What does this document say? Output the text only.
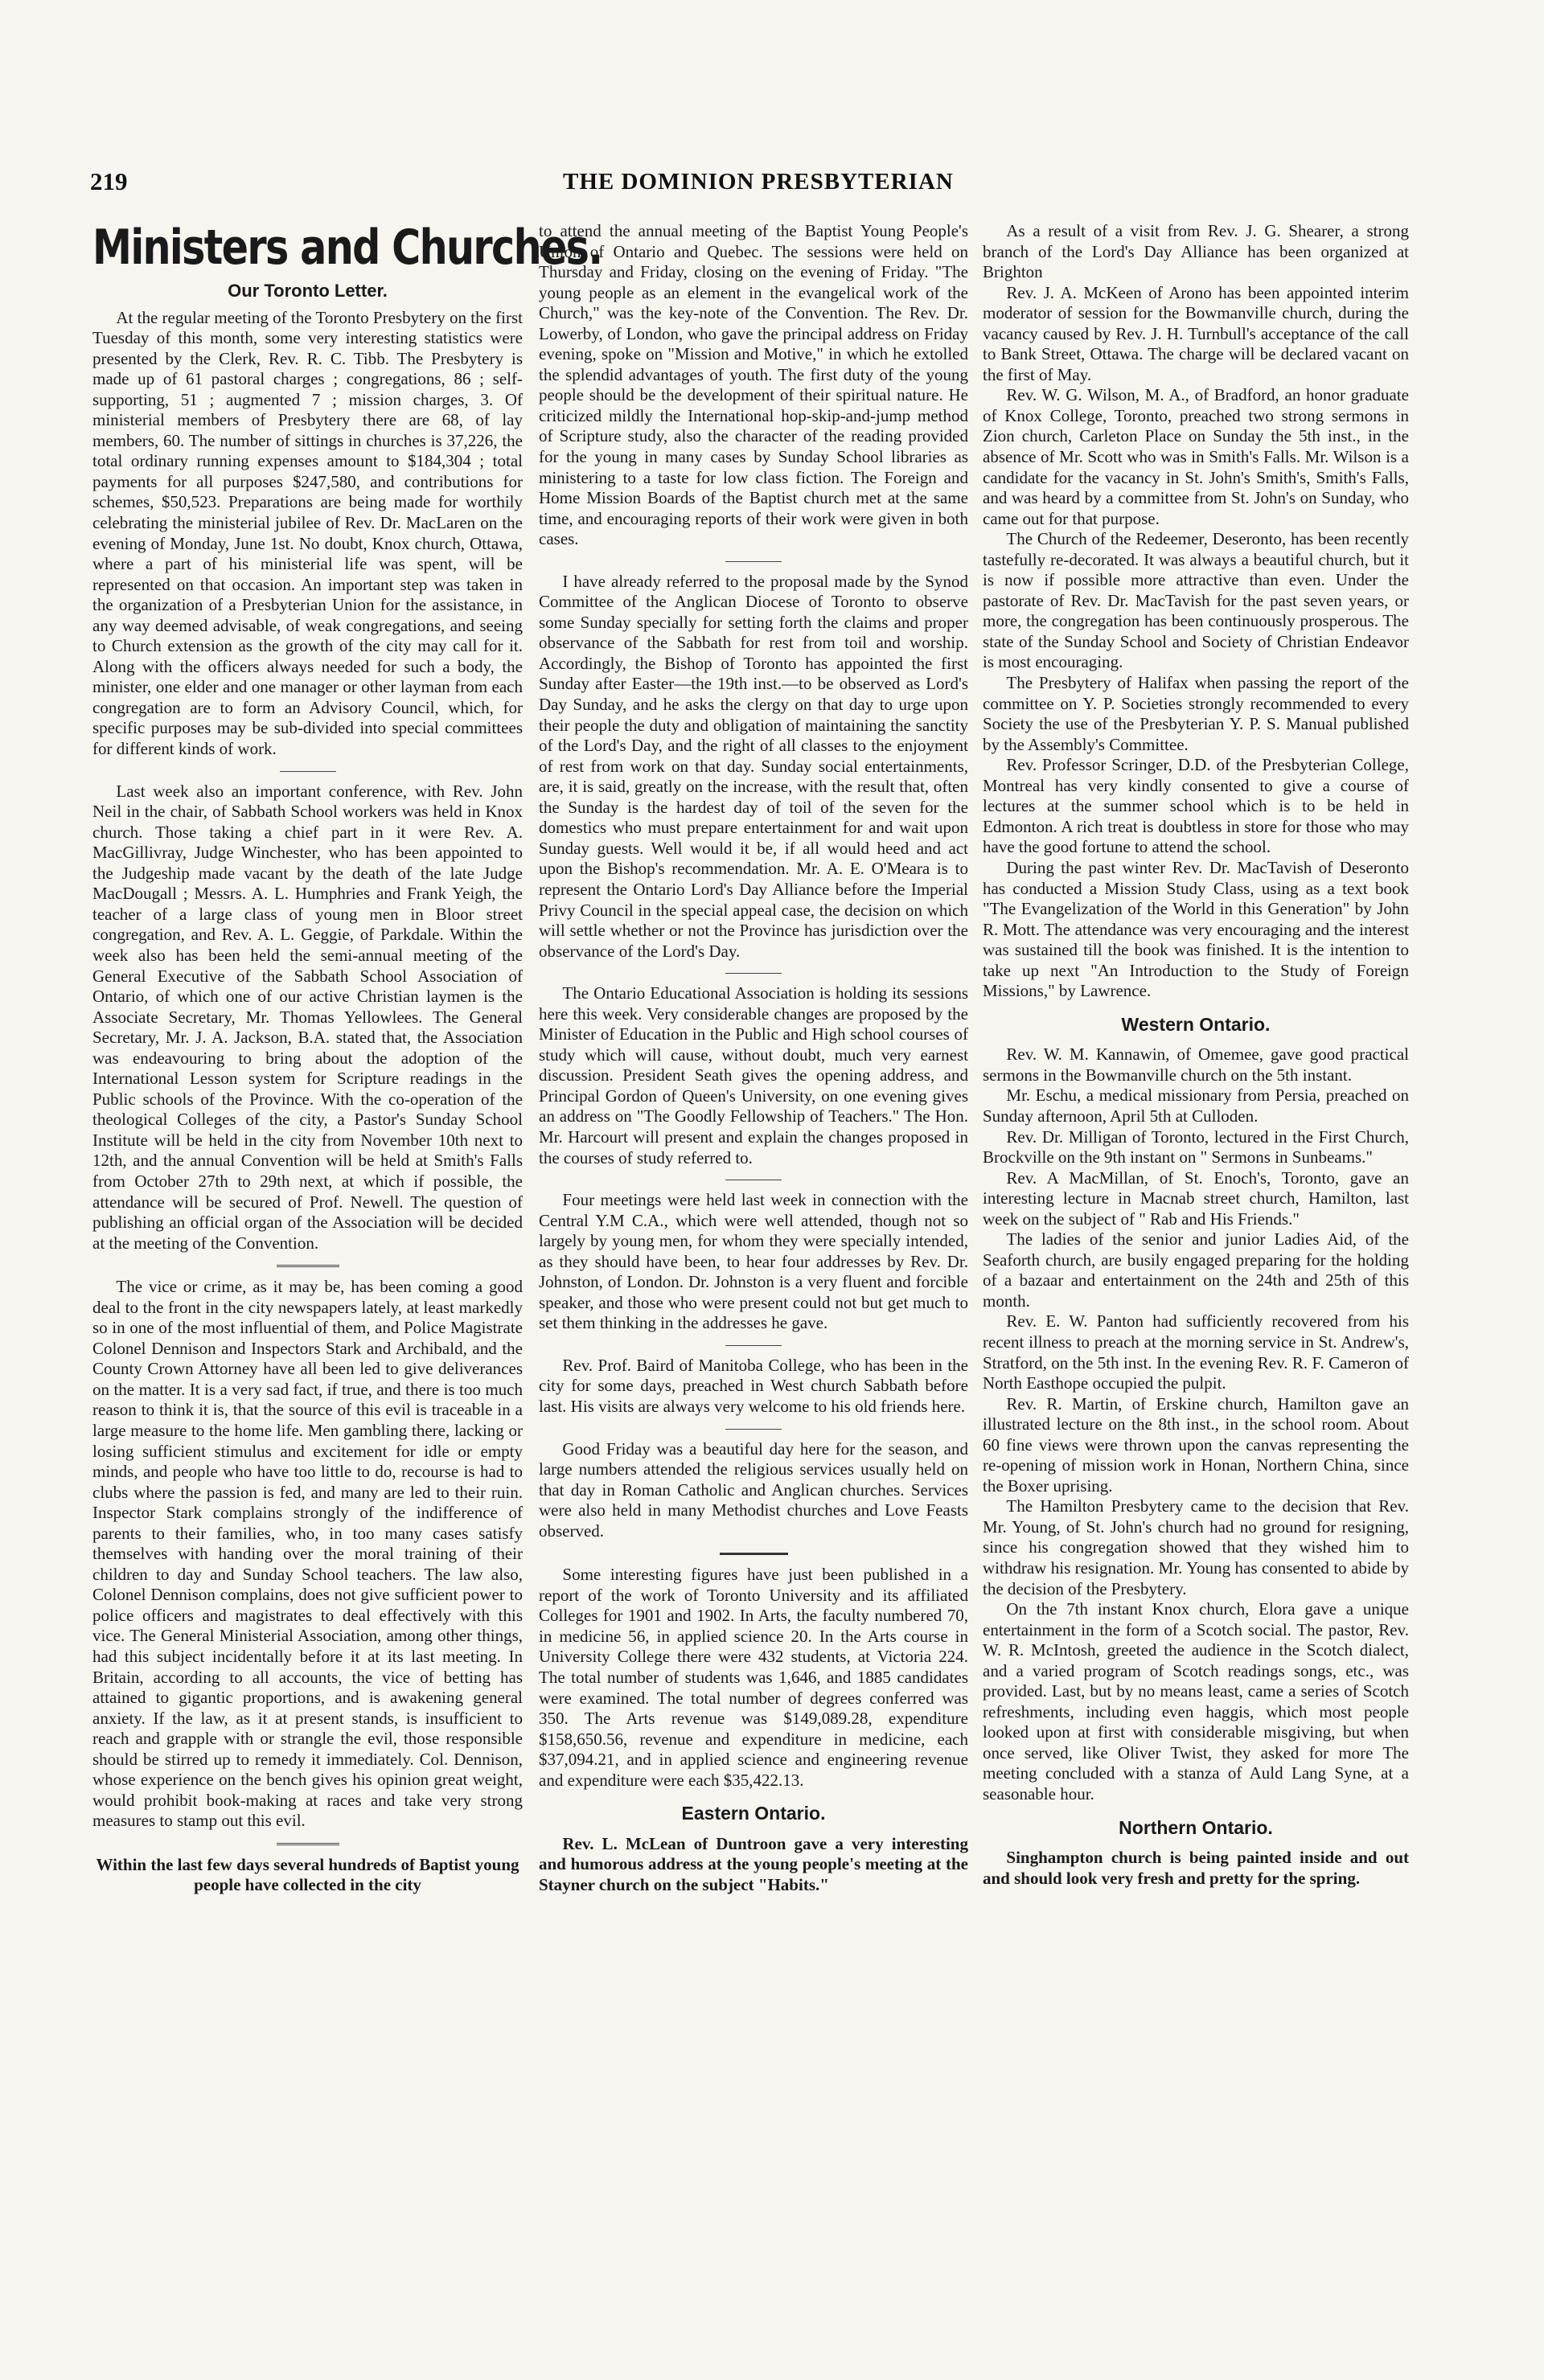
219	THE DOMINION PRESBYTERIAN
Ministers and Churches.
Our Toronto Letter.

At the regular meeting of the Toronto Presbytery on the first Tuesday of this month, some very interesting statistics were presented by the Clerk, Rev. R. C. Tibb. The Presbytery is made up of 61 pastoral charges ; congregations, 86 ; self-supporting, 51 ; augmented 7 ; mission charges, 3. Of ministerial members of Presbytery there are 68, of lay members, 60. The number of sittings in churches is 37,226, the total ordinary running expenses amount to $184,304 ; total payments for all purposes $247,580, and contributions for schemes, $50,523. Preparations are being made for worthily celebrating the ministerial jubilee of Rev. Dr. MacLaren on the evening of Monday, June 1st. No doubt, Knox church, Ottawa, where a part of his ministerial life was spent, will be represented on that occasion. An important step was taken in the organization of a Presbyterian Union for the assistance, in any way deemed advisable, of weak congregations, and seeing to Church extension as the growth of the city may call for it. Along with the officers always needed for such a body, the minister, one elder and one manager or other layman from each congregation are to form an Advisory Council, which, for specific purposes may be sub-divided into special committees for different kinds of work.

Last week also an important conference, with Rev. John Neil in the chair, of Sabbath School workers was held in Knox church. Those taking a chief part in it were Rev. A. MacGillivray, Judge Winchester, who has been appointed to the Judgeship made vacant by the death of the late Judge MacDougall ; Messrs. A. L. Humphries and Frank Yeigh, the teacher of a large class of young men in Bloor street congregation, and Rev. A. L. Geggie, of Parkdale. Within the week also has been held the semi-annual meeting of the General Executive of the Sabbath School Association of Ontario, of which one of our active Christian laymen is the Associate Secretary, Mr. Thomas Yellowlees. The General Secretary, Mr. J. A. Jackson, B.A. stated that, the Association was endeavouring to bring about the adoption of the International Lesson system for Scripture readings in the Public schools of the Province. With the co-operation of the theological Colleges of the city, a Pastor's Sunday School Institute will be held in the city from November 10th next to 12th, and the annual Convention will be held at Smith's Falls from October 27th to 29th next, at which if possible, the attendance will be secured of Prof. Newell. The question of publishing an official organ of the Association will be decided at the meeting of the Convention.

The vice or crime, as it may be, has been coming a good deal to the front in the city newspapers lately, at least markedly so in one of the most influential of them, and Police Magistrate Colonel Dennison and Inspectors Stark and Archibald, and the County Crown Attorney have all been led to give deliverances on the matter. It is a very sad fact, if true, and there is too much reason to think it is, that the source of this evil is traceable in a large measure to the home life. Men gambling there, lacking or losing sufficient stimulus and excitement for idle or empty minds, and people who have too little to do, recourse is had to clubs where the passion is fed, and many are led to their ruin. Inspector Stark complains strongly of the indifference of parents to their families, who, in too many cases satisfy themselves with handing over the moral training of their children to day and Sunday School teachers. The law also, Colonel Dennison complains, does not give sufficient power to police officers and magistrates to deal effectively with this vice. The General Ministerial Association, among other things, had this subject incidentally before it at its last meeting. In Britain, according to all accounts, the vice of betting has attained to gigantic proportions, and is awakening general anxiety. If the law, as it at present stands, is insufficient to reach and grapple with or strangle the evil, those responsible should be stirred up to remedy it immediately. Col. Dennison, whose experience on the bench gives his opinion great weight, would prohibit book-making at races and take very strong measures to stamp out this evil.

Within the last few days several hundreds of Baptist young people have collected in the city

to attend the annual meeting of the Baptist Young People's Union of Ontario and Quebec. The sessions were held on Thursday and Friday, closing on the evening of Friday. "The young people as an element in the evangelical work of the Church," was the key-note of the Convention. The Rev. Dr. Lowerby, of London, who gave the principal address on Friday evening, spoke on "Mission and Motive," in which he extolled the splendid advantages of youth. The first duty of the young people should be the development of their spiritual nature. He criticized mildly the International hop-skip-and-jump method of Scripture study, also the character of the reading provided for the young in many cases by Sunday School libraries as ministering to a taste for low class fiction. The Foreign and Home Mission Boards of the Baptist church met at the same time, and encouraging reports of their work were given in both cases.

I have already referred to the proposal made by the Synod Committee of the Anglican Diocese of Toronto to observe some Sunday specially for setting forth the claims and proper observance of the Sabbath for rest from toil and worship. Accordingly, the Bishop of Toronto has appointed the first Sunday after Easter—the 19th inst.—to be observed as Lord's Day Sunday, and he asks the clergy on that day to urge upon their people the duty and obligation of maintaining the sanctity of the Lord's Day, and the right of all classes to the enjoyment of rest from work on that day. Sunday social entertainments, are, it is said, greatly on the increase, with the result that, often the Sunday is the hardest day of toil of the seven for the domestics who must prepare entertainment for and wait upon Sunday guests. Well would it be, if all would heed and act upon the Bishop's recommendation. Mr. A. E. O'Meara is to represent the Ontario Lord's Day Alliance before the Imperial Privy Council in the special appeal case, the decision on which will settle whether or not the Province has jurisdiction over the observance of the Lord's Day.

The Ontario Educational Association is holding its sessions here this week. Very considerable changes are proposed by the Minister of Education in the Public and High school courses of study which will cause, without doubt, much very earnest discussion. President Seath gives the opening address, and Principal Gordon of Queen's University, on one evening gives an address on "The Goodly Fellowship of Teachers." The Hon. Mr. Harcourt will present and explain the changes proposed in the courses of study referred to.

Four meetings were held last week in connection with the Central Y.M C.A., which were well attended, though not so largely by young men, for whom they were specially intended, as they should have been, to hear four addresses by Rev. Dr. Johnston, of London. Dr. Johnston is a very fluent and forcible speaker, and those who were present could not but get much to set them thinking in the addresses he gave.

Rev. Prof. Baird of Manitoba College, who has been in the city for some days, preached in West church Sabbath before last. His visits are always very welcome to his old friends here.

Good Friday was a beautiful day here for the season, and large numbers attended the religious services usually held on that day in Roman Catholic and Anglican churches. Services were also held in many Methodist churches and Love Feasts observed.

Some interesting figures have just been published in a report of the work of Toronto University and its affiliated Colleges for 1901 and 1902. In Arts, the faculty numbered 70, in medicine 56, in applied science 20. In the Arts course in University College there were 432 students, at Victoria 224. The total number of students was 1,646, and 1885 candidates were examined. The total number of degrees conferred was 350. The Arts revenue was $149,089.28, expenditure $158,650.56, revenue and expenditure in medicine, each $37,094.21, and in applied science and engineering revenue and expenditure were each $35,422.13.

Eastern Ontario.

Rev. L. McLean of Duntroon gave a very interesting and humorous address at the young people's meeting at the Stayner church on the subject "Habits."

As a result of a visit from Rev. J. G. Shearer, a strong branch of the Lord's Day Alliance has been organized at Brighton

Rev. J. A. McKeen of Arono has been appointed interim moderator of session for the Bowmanville church, during the vacancy caused by Rev. J. H. Turnbull's acceptance of the call to Bank Street, Ottawa. The charge will be declared vacant on the first of May.

Rev. W. G. Wilson, M. A., of Bradford, an honor graduate of Knox College, Toronto, preached two strong sermons in Zion church, Carleton Place on Sunday the 5th inst., in the absence of Mr. Scott who was in Smith's Falls. Mr. Wilson is a candidate for the vacancy in St. John's Smith's, Smith's Falls, and was heard by a committee from St. John's on Sunday, who came out for that purpose.

The Church of the Redeemer, Deseronto, has been recently tastefully re-decorated. It was always a beautiful church, but it is now if possible more attractive than even. Under the pastorate of Rev. Dr. MacTavish for the past seven years, or more, the congregation has been continuously prosperous. The state of the Sunday School and Society of Christian Endeavor is most encouraging.

The Presbytery of Halifax when passing the report of the committee on Y. P. Societies strongly recommended to every Society the use of the Presbyterian Y. P. S. Manual published by the Assembly's Committee.

Rev. Professor Scringer, D.D. of the Presbyterian College, Montreal has very kindly consented to give a course of lectures at the summer school which is to be held in Edmonton. A rich treat is doubtless in store for those who may have the good fortune to attend the school.

During the past winter Rev. Dr. MacTavish of Deseronto has conducted a Mission Study Class, using as a text book "The Evangelization of the World in this Generation" by John R. Mott. The attendance was very encouraging and the interest was sustained till the book was finished. It is the intention to take up next "An Introduction to the Study of Foreign Missions," by Lawrence.

Western Ontario.

Rev. W. M. Kannawin, of Omemee, gave good practical sermons in the Bowmanville church on the 5th instant.

Mr. Eschu, a medical missionary from Persia, preached on Sunday afternoon, April 5th at Culloden.

Rev. Dr. Milligan of Toronto, lectured in the First Church, Brockville on the 9th instant on " Sermons in Sunbeams."

Rev. A MacMillan, of St. Enoch's, Toronto, gave an interesting lecture in Macnab street church, Hamilton, last week on the subject of " Rab and His Friends."

The ladies of the senior and junior Ladies Aid, of the Seaforth church, are busily engaged preparing for the holding of a bazaar and entertainment on the 24th and 25th of this month.

Rev. E. W. Panton had sufficiently recovered from his recent illness to preach at the morning service in St. Andrew's, Stratford, on the 5th inst. In the evening Rev. R. F. Cameron of North Easthope occupied the pulpit.

Rev. R. Martin, of Erskine church, Hamilton gave an illustrated lecture on the 8th inst., in the school room. About 60 fine views were thrown upon the canvas representing the re-opening of mission work in Honan, Northern China, since the Boxer uprising.

The Hamilton Presbytery came to the decision that Rev. Mr. Young, of St. John's church had no ground for resigning, since his congregation showed that they wished him to withdraw his resignation. Mr. Young has consented to abide by the decision of the Presbytery.

On the 7th instant Knox church, Elora gave a unique entertainment in the form of a Scotch social. The pastor, Rev. W. R. McIntosh, greeted the audience in the Scotch dialect, and a varied program of Scotch readings songs, etc., was provided. Last, but by no means least, came a series of Scotch refreshments, including even haggis, which most people looked upon at first with considerable misgiving, but when once served, like Oliver Twist, they asked for more The meeting concluded with a stanza of Auld Lang Syne, at a seasonable hour.

Northern Ontario.

Singhampton church is being painted inside and out and should look very fresh and pretty for the spring.
